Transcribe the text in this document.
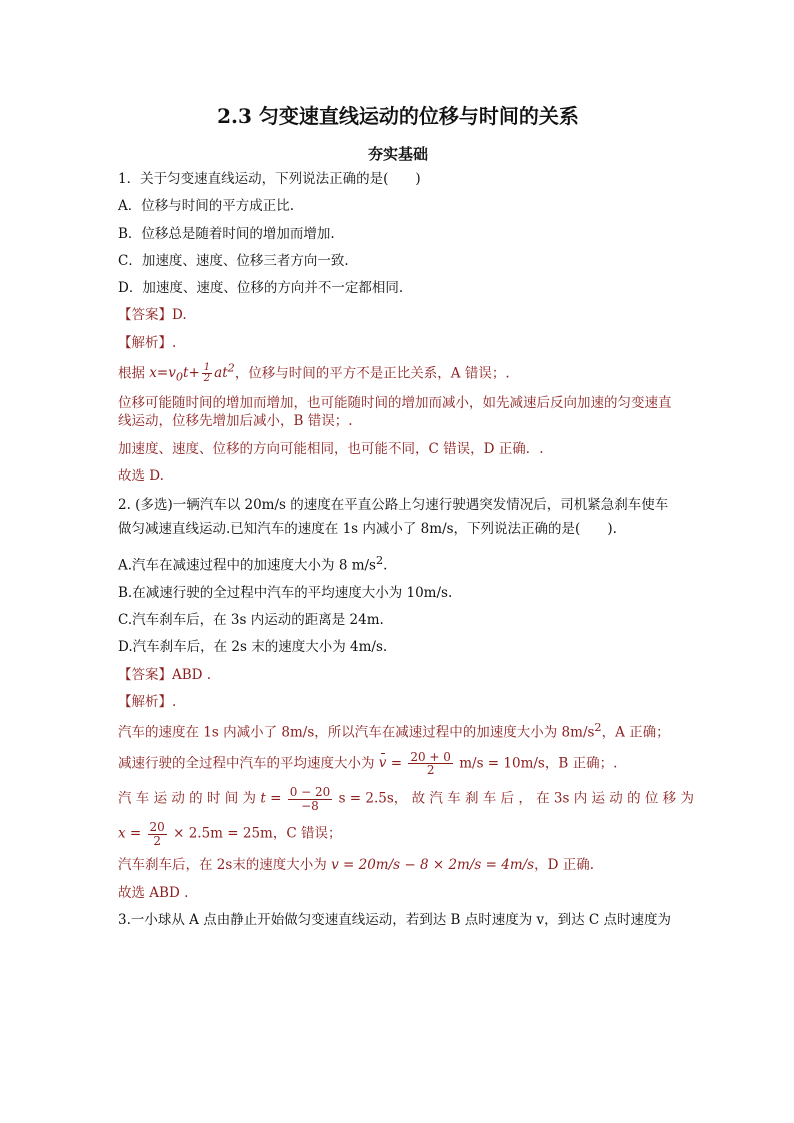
2.3 匀变速直线运动的位移与时间的关系
夯实基础
1．关于匀变速直线运动，下列说法正确的是(　　)
A．位移与时间的平方成正比.
B．位移总是随着时间的增加而增加.
C．加速度、速度、位移三者方向一致.
D．加速度、速度、位移的方向并不一定都相同.
【答案】D.
【解析】.
根据 $x=v_0t+ \frac{1}{2} at^2$，位移与时间的平方不是正比关系，A 错误；.
位移可能随时间的增加而增加，也可能随时间的增加而减小，如先减速后反向加速的匀变速直线运动，位移先增加后减小，B 错误；.
加速度、速度、位移的方向可能相同，也可能不同，C 错误，D 正确．.
故选 D.
2. (多选)一辆汽车以 20m/s 的速度在平直公路上匀速行驶遇突发情况后，司机紧急刹车使车做匀减速直线运动.已知汽车的速度在 1s 内减小了 8m/s，下列说法正确的是(　　).
A.汽车在减速过程中的加速度大小为 8 $m/s^2$.
B.在减速行驶的全过程中汽车的平均速度大小为 10m/s.
C.汽车刹车后，在 3s 内运动的距离是 24m.
D.汽车刹车后，在 2s 末的速度大小为 4m/s.
【答案】ABD .
【解析】.
汽车的速度在 1s 内减小了 8m/s，所以汽车在减速过程中的加速度大小为 $8m/s^2$，A 正确；
减速行驶的全过程中汽车的平均速度大小为 $v = \frac{20 + 0}{2} m/s = 10m/s$，B 正确；.
汽 车 运 动 的 时 间 为 $t = \frac{0 - 20}{-8}$ s = 2.5s， 故 汽 车 刹 车 后 ， 在 3s 内 运 动 的 位 移 为
$x = \frac{20}{2} \times 2.5m = 25m$，C 错误；
汽车刹车后，在 2s末的速度大小为 v = 20m/s − 8 × 2m/s = 4m/s，D 正确.
故选 ABD .
3.一小球从 A 点由静止开始做匀变速直线运动，若到达 B 点时速度为 v，到达 C 点时速度为
